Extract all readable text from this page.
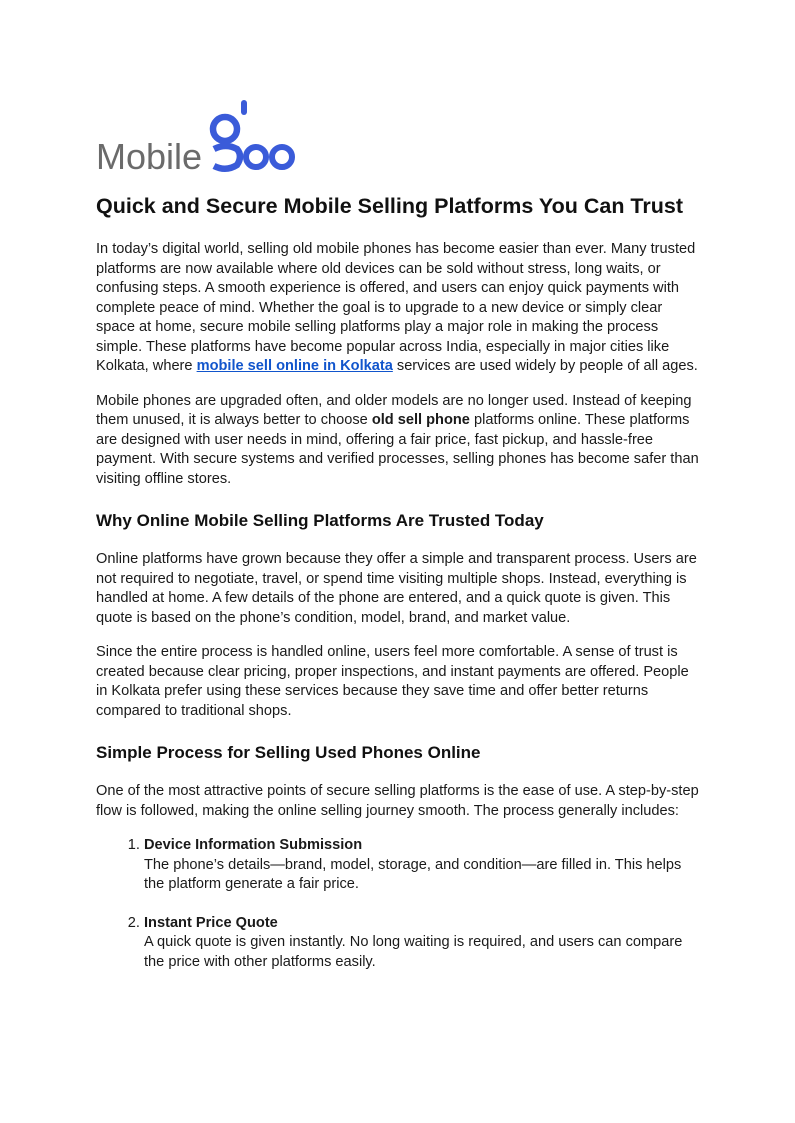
Mobile
Quick and Secure Mobile Selling Platforms You Can Trust

In today’s digital world, selling old mobile phones has become easier than ever. Many trusted platforms are now available where old devices can be sold without stress, long waits, or confusing steps. A smooth experience is offered, and users can enjoy quick payments with complete peace of mind. Whether the goal is to upgrade to a new device or simply clear space at home, secure mobile selling platforms play a major role in making the process simple. These platforms have become popular across India, especially in major cities like Kolkata, where mobile sell online in Kolkata services are used widely by people of all ages.

Mobile phones are upgraded often, and older models are no longer used. Instead of keeping them unused, it is always better to choose old sell phone platforms online. These platforms are designed with user needs in mind, offering a fair price, fast pickup, and hassle-free payment. With secure systems and verified processes, selling phones has become safer than visiting offline stores.

Why Online Mobile Selling Platforms Are Trusted Today

Online platforms have grown because they offer a simple and transparent process. Users are not required to negotiate, travel, or spend time visiting multiple shops. Instead, everything is handled at home. A few details of the phone are entered, and a quick quote is given. This quote is based on the phone’s condition, model, brand, and market value.

Since the entire process is handled online, users feel more comfortable. A sense of trust is created because clear pricing, proper inspections, and instant payments are offered. People in Kolkata prefer using these services because they save time and offer better returns compared to traditional shops.

Simple Process for Selling Used Phones Online

One of the most attractive points of secure selling platforms is the ease of use. A step-by-step flow is followed, making the online selling journey smooth. The process generally includes:

1. Device Information Submission
The phone’s details—brand, model, storage, and condition—are filled in. This helps the platform generate a fair price.
2. Instant Price Quote
A quick quote is given instantly. No long waiting is required, and users can compare the price with other platforms easily.
